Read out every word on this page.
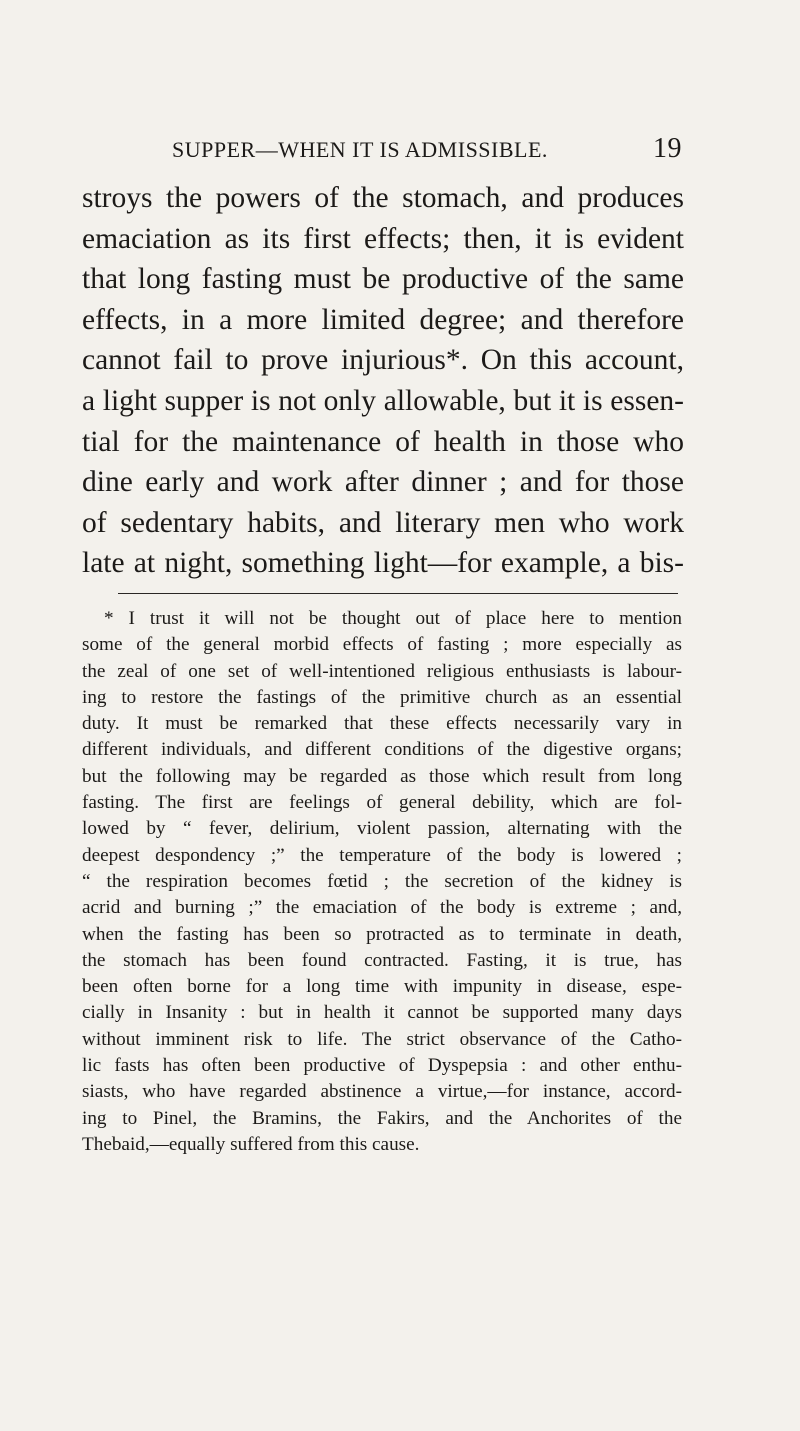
SUPPER—WHEN IT IS ADMISSIBLE.	19
stroys the powers of the stomach, and produces
emaciation as its first effects; then, it is evident
that long fasting must be productive of the same
effects, in a more limited degree; and therefore
cannot fail to prove injurious*. On this account,
a light supper is not only allowable, but it is essen-
tial for the maintenance of health in those who
dine early and work after dinner ; and for those
of sedentary habits, and literary men who work
late at night, something light—for example, a bis-
* I trust it will not be thought out of place here to mention
some of the general morbid effects of fasting ; more especially as
the zeal of one set of well-intentioned religious enthusiasts is labour-
ing to restore the fastings of the primitive church as an essential
duty. It must be remarked that these effects necessarily vary in
different individuals, and different conditions of the digestive organs;
but the following may be regarded as those which result from long
fasting. The first are feelings of general debility, which are fol-
lowed by “ fever, delirium, violent passion, alternating with the
deepest despondency ;” the temperature of the body is lowered ;
“ the respiration becomes fœtid ; the secretion of the kidney is
acrid and burning ;” the emaciation of the body is extreme ; and,
when the fasting has been so protracted as to terminate in death,
the stomach has been found contracted. Fasting, it is true, has
been often borne for a long time with impunity in disease, espe-
cially in Insanity : but in health it cannot be supported many days
without imminent risk to life. The strict observance of the Catho-
lic fasts has often been productive of Dyspepsia : and other enthu-
siasts, who have regarded abstinence a virtue,—for instance, accord-
ing to Pinel, the Bramins, the Fakirs, and the Anchorites of the
Thebaid,—equally suffered from this cause.
